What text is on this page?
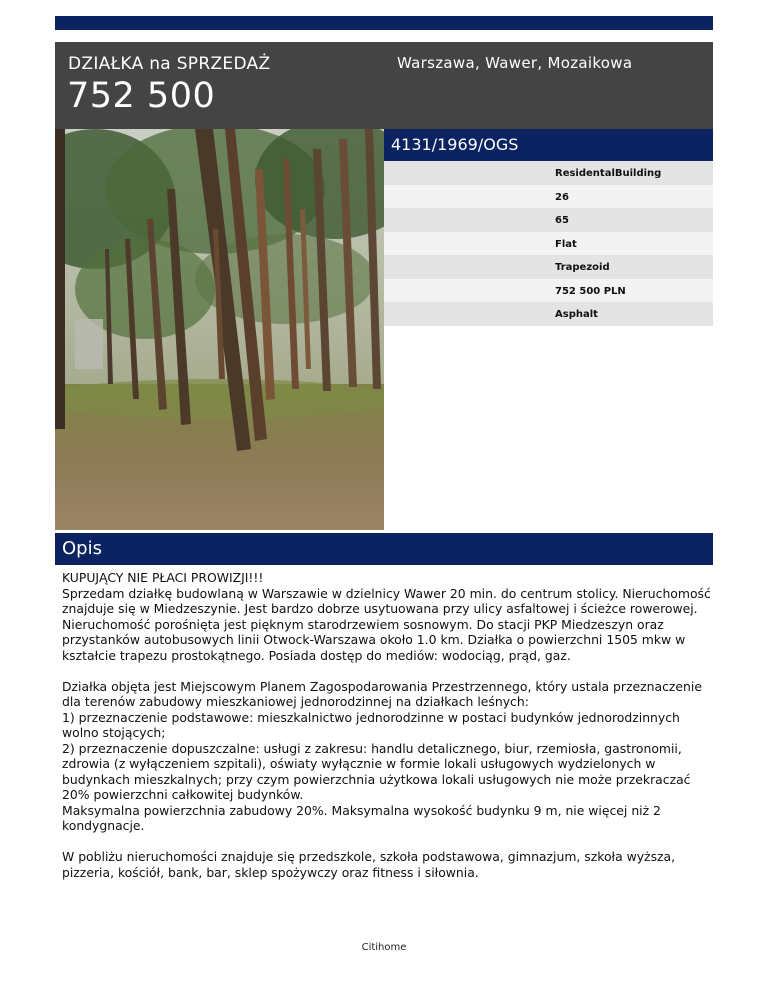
DZIAŁKA na SPRZEDAŻ
752 500
Warszawa, Wawer, Mozaikowa
4131/1969/OGS
ResidentalBuilding
26
65
Flat
Trapezoid
752 500 PLN
Asphalt
Opis

KUPUJĄCY NIE PŁACI PROWIZJI!!!
Sprzedam działkę budowlaną w Warszawie w dzielnicy Wawer 20 min. do centrum stolicy. Nieruchomość znajduje się w Miedzeszynie. Jest bardzo dobrze usytuowana przy ulicy asfaltowej i ścieżce rowerowej. Nieruchomość porośnięta jest pięknym starodrzewiem sosnowym. Do stacji PKP Miedzeszyn oraz przystanków autobusowych linii Otwock-Warszawa około 1.0 km. Działka o powierzchni 1505 mkw w kształcie trapezu prostokątnego. Posiada dostęp do mediów: wodociąg, prąd, gaz.

Działka objęta jest Miejscowym Planem Zagospodarowania Przestrzennego, który ustala przeznaczenie dla terenów zabudowy mieszkaniowej jednorodzinnej na działkach leśnych:
1) przeznaczenie podstawowe: mieszkalnictwo jednorodzinne w postaci budynków jednorodzinnych wolno stojących;
2) przeznaczenie dopuszczalne: usługi z zakresu: handlu detalicznego, biur, rzemiosła, gastronomii, zdrowia (z wyłączeniem szpitali), oświaty wyłącznie w formie lokali usługowych wydzielonych w budynkach mieszkalnych; przy czym powierzchnia użytkowa lokali usługowych nie może przekraczać 20% powierzchni całkowitej budynków.
Maksymalna powierzchnia zabudowy 20%. Maksymalna wysokość budynku 9 m, nie więcej niż 2 kondygnacje.

W pobliżu nieruchomości znajduje się przedszkole, szkoła podstawowa, gimnazjum, szkoła wyższa, pizzeria, kościół, bank, bar, sklep spożywczy oraz fitness i siłownia.

Citihome
